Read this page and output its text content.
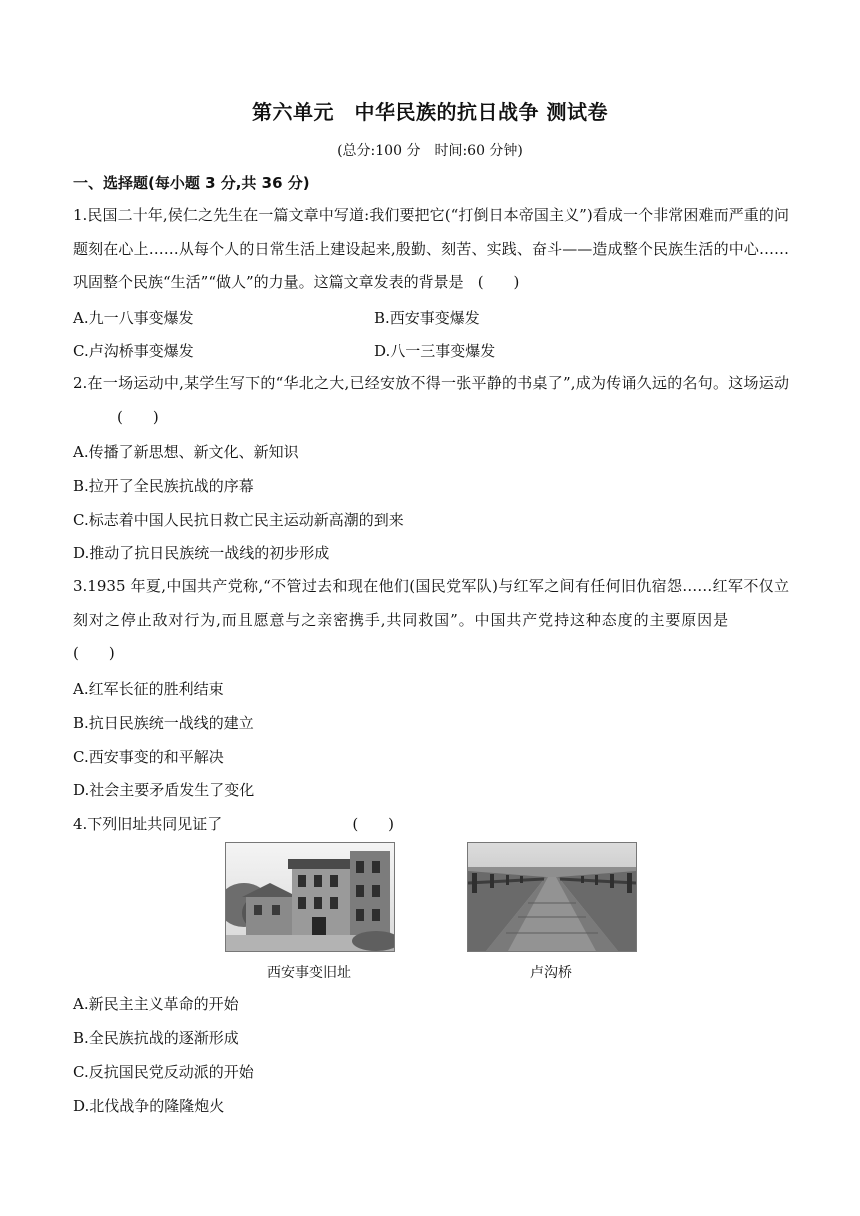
第六单元　中华民族的抗日战争 测试卷
(总分:100 分　时间:60 分钟)
一、选择题(每小题 3 分,共 36 分)
1.民国二十年,侯仁之先生在一篇文章中写道:我们要把它(“打倒日本帝国主义”)看成一个非常困难而严重的问题刻在心上……从每个人的日常生活上建设起来,殷勤、刻苦、实践、奋斗——造成整个民族生活的中心……巩固整个民族“生活”“做人”的力量。这篇文章发表的背景是 (　　)
A.九一八事变爆发	B.西安事变爆发
C.卢沟桥事变爆发	D.八一三事变爆发
2.在一场运动中,某学生写下的“华北之大,已经安放不得一张平静的书桌了”,成为传诵久远的名句。这场运动(　　)
A.传播了新思想、新文化、新知识
B.拉开了全民族抗战的序幕
C.标志着中国人民抗日救亡民主运动新高潮的到来
D.推动了抗日民族统一战线的初步形成
3.1935 年夏,中国共产党称,“不管过去和现在他们(国民党军队)与红军之间有任何旧仇宿怨……红军不仅立刻对之停止敌对行为,而且愿意与之亲密携手,共同救国”。中国共产党持这种态度的主要原因是(　　)
A.红军长征的胜利结束
B.抗日民族统一战线的建立
C.西安事变的和平解决
D.社会主要矛盾发生了变化
4.下列旧址共同见证了	(　　)
西安事变旧址	卢沟桥
A.新民主主义革命的开始
B.全民族抗战的逐渐形成
C.反抗国民党反动派的开始
D.北伐战争的隆隆炮火
